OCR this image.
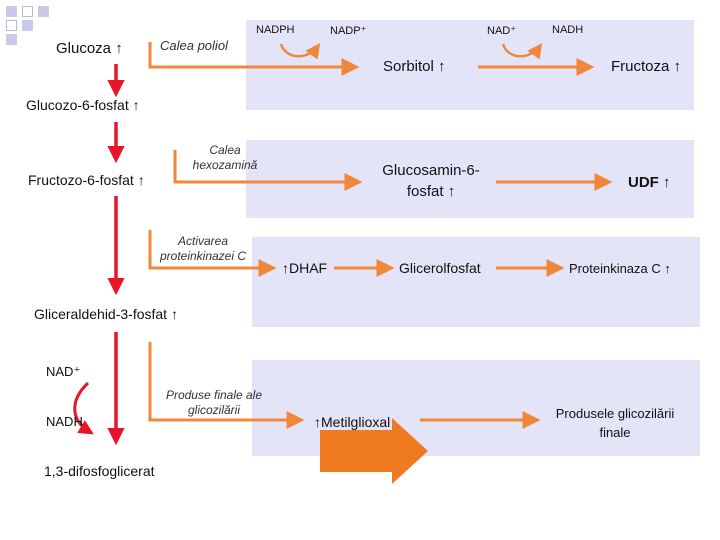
Glucoza ↑	Calea poliol
NADPH	NADP⁺	NAD⁺	NADH
Sorbitol ↑	Fructoza ↑
Glucozo-6-fosfat ↑
Calea hexozamină
Fructozo-6-fosfat ↑
Glucosamin-6-fosfat ↑
UDF ↑
Activarea proteinkinazei C
↑DHAF	Glicerolfosfat	Proteinkinaza C ↑
Gliceraldehid-3-fosfat ↑
NAD⁺
NADH
Produse finale ale glicozilării
↑Metilglioxal
Produsele glicozilării finale
1,3-difosfoglicerat
